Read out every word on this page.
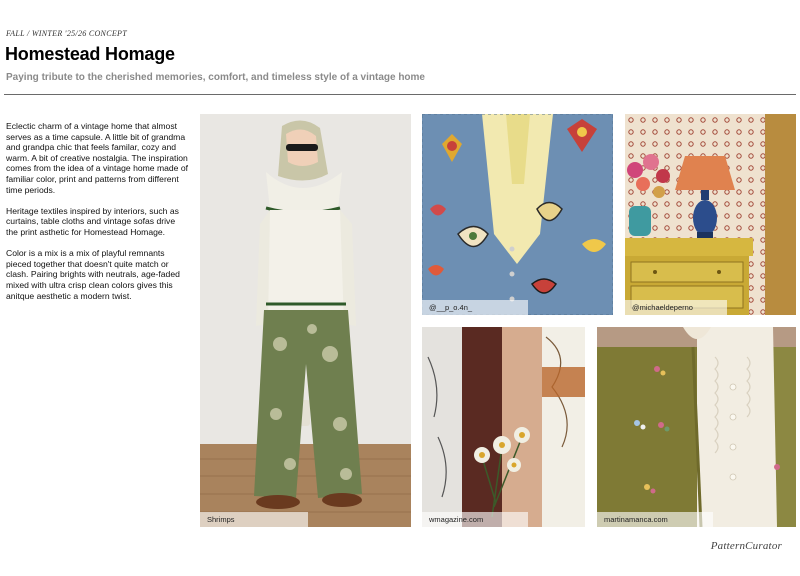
FALL / WINTER '25/26 CONCEPT
Homestead Homage
Paying tribute to the cherished memories, comfort, and timeless style of a vintage home

Eclectic charm of a vintage home that almost serves as a time capsule. A little bit of grandma and grandpa chic that feels familar, cozy and warm. A bit of creative nostalgia. The inspiration comes from the idea of a vintage home made of familiar color, print and patterns from different time periods.

Heritage textiles inspired by interiors, such as curtains, table cloths and vintage sofas drive the print asthetic for Homestead Homage.

Color is a mix is a mix of playful remnants pieced together that doesn't quite match or clash. Pairing brights with neutrals, age-faded mixed with ultra crisp clean colors gives this anitque aesthetic a modern twist.

Shrimps
@__p_o.4n_	@michaeldeperno
wmagazine.com	martinamanca.com
PatternCurator
